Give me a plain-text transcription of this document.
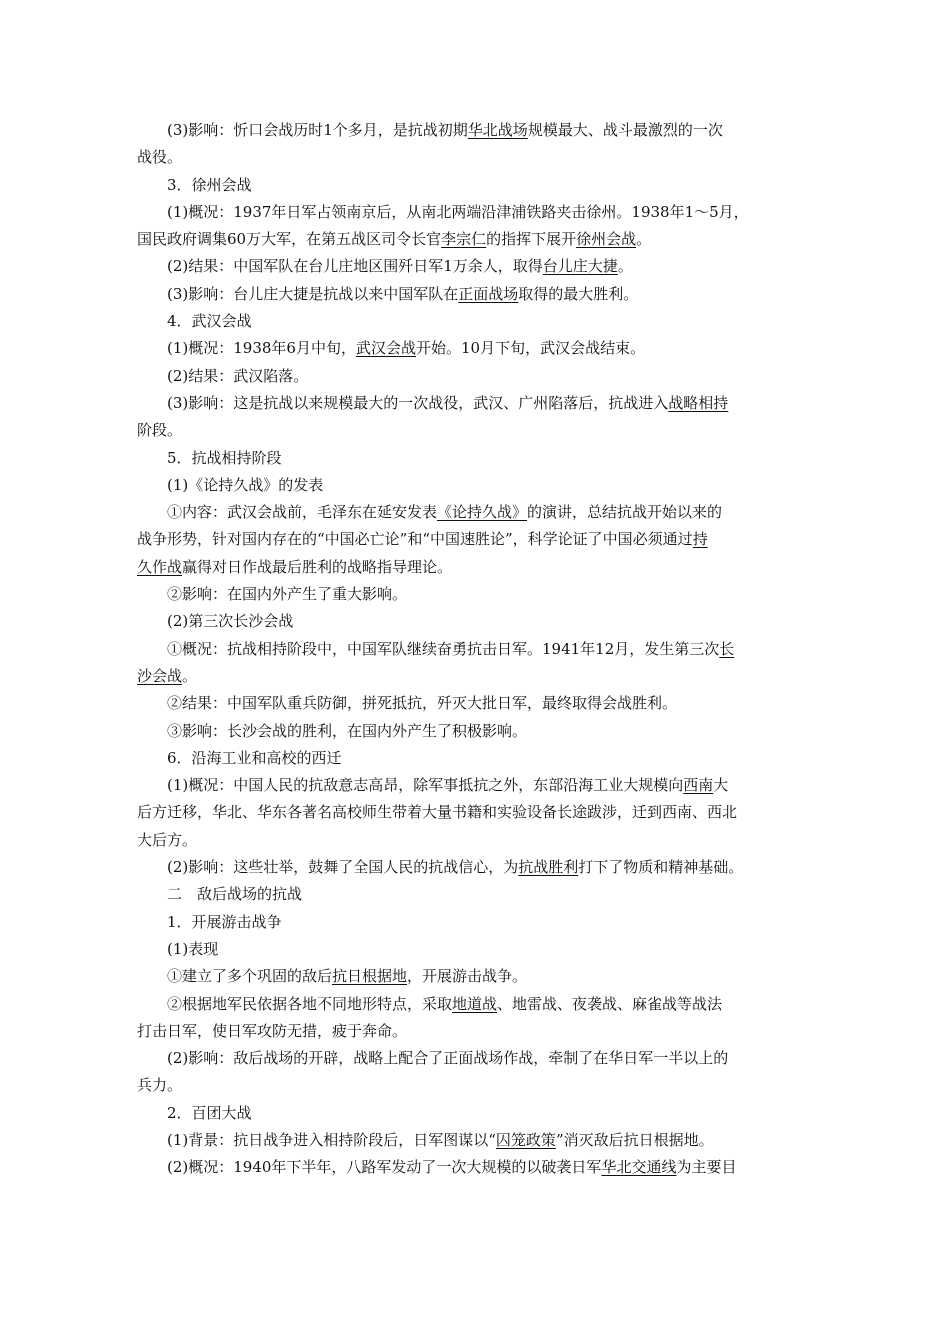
(3)影响：忻口会战历时1个多月，是抗战初期华北战场规模最大、战斗最激烈的一次
战役。
3．徐州会战
(1)概况：1937年日军占领南京后，从南北两端沿津浦铁路夹击徐州。1938年1～5月，
国民政府调集60万大军，在第五战区司令长官李宗仁的指挥下展开徐州会战。
(2)结果：中国军队在台儿庄地区围歼日军1万余人，取得台儿庄大捷。
(3)影响：台儿庄大捷是抗战以来中国军队在正面战场取得的最大胜利。
4．武汉会战
(1)概况：1938年6月中旬，武汉会战开始。10月下旬，武汉会战结束。
(2)结果：武汉陷落。
(3)影响：这是抗战以来规模最大的一次战役，武汉、广州陷落后，抗战进入战略相持
阶段。
5．抗战相持阶段
(1)《论持久战》的发表
①内容：武汉会战前，毛泽东在延安发表《论持久战》的演讲，总结抗战开始以来的
战争形势，针对国内存在的“中国必亡论”和“中国速胜论”，科学论证了中国必须通过持
久作战赢得对日作战最后胜利的战略指导理论。
②影响：在国内外产生了重大影响。
(2)第三次长沙会战
①概况：抗战相持阶段中，中国军队继续奋勇抗击日军。1941年12月，发生第三次长
沙会战。
②结果：中国军队重兵防御，拼死抵抗，歼灭大批日军，最终取得会战胜利。
③影响：长沙会战的胜利，在国内外产生了积极影响。
6．沿海工业和高校的西迁
(1)概况：中国人民的抗敌意志高昂，除军事抵抗之外，东部沿海工业大规模向西南大
后方迁移，华北、华东各著名高校师生带着大量书籍和实验设备长途跋涉，迁到西南、西北
大后方。
(2)影响：这些壮举，鼓舞了全国人民的抗战信心，为抗战胜利打下了物质和精神基础。
二　敌后战场的抗战
1．开展游击战争
(1)表现
①建立了多个巩固的敌后抗日根据地，开展游击战争。
②根据地军民依据各地不同地形特点，采取地道战、地雷战、夜袭战、麻雀战等战法
打击日军，使日军攻防无措，疲于奔命。
(2)影响：敌后战场的开辟，战略上配合了正面战场作战，牵制了在华日军一半以上的
兵力。
2．百团大战
(1)背景：抗日战争进入相持阶段后，日军图谋以“囚笼政策”消灭敌后抗日根据地。
(2)概况：1940年下半年，八路军发动了一次大规模的以破袭日军华北交通线为主要目
